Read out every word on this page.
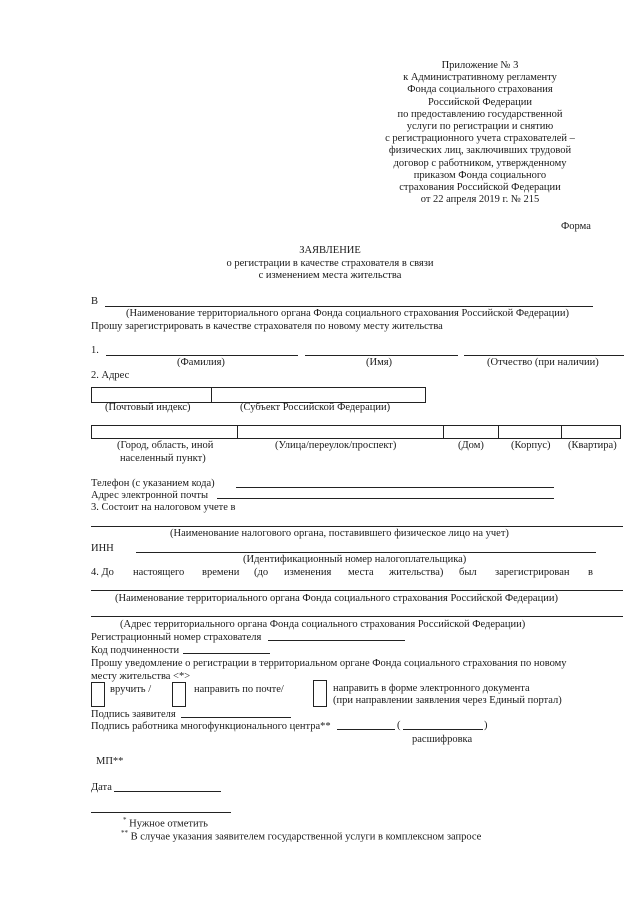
Приложение № 3
к Административному регламенту
Фонда социального страхования
Российской Федерации
по предоставлению государственной
услуги по регистрации и снятию
с регистрационного учета страхователей –
физических лиц, заключивших трудовой
договор с работником, утвержденному
приказом Фонда социального
страхования Российской Федерации
от 22 апреля 2019 г. № 215
Форма
ЗАЯВЛЕНИЕ
о регистрации в качестве страхователя в связи
с изменением места жительства
В
(Наименование территориального органа Фонда социального страхования Российской Федерации)
Прошу зарегистрировать в качестве страхователя по новому месту жительства
1.
(Фамилия)	(Имя)	(Отчество (при наличии)
2. Адрес
(Почтовый индекс)	(Субъект Российской Федерации)
(Город, область, иной
населенный пункт)
(Улица/переулок/проспект)	(Дом)	(Корпус) (Квартира)
Телефон (с указанием кода)
Адрес электронной почты
3. Состоит на налоговом учете в
(Наименование налогового органа, поставившего физическое лицо на учет)
ИНН
(Идентификационный номер налогоплательщика)
4. До настоящего времени (до изменения места жительства) был зарегистрирован в
(Наименование территориального органа Фонда социального страхования Российской Федерации)
(Адрес территориального органа Фонда социального страхования Российской Федерации)
Регистрационный номер страхователя
Код подчиненности
Прошу уведомление о регистрации в территориальном органе Фонда социального страхования по новому
месту жительства <*>
вручить /	направить по почте/	направить в форме электронного документа
(при направлении заявления через Единый портал)
Подпись заявителя
Подпись работника многофункционального центра**	(	)
расшифровка
МП**
Дата
* Нужное отметить
** В случае указания заявителем государственной услуги в комплексном запросе
